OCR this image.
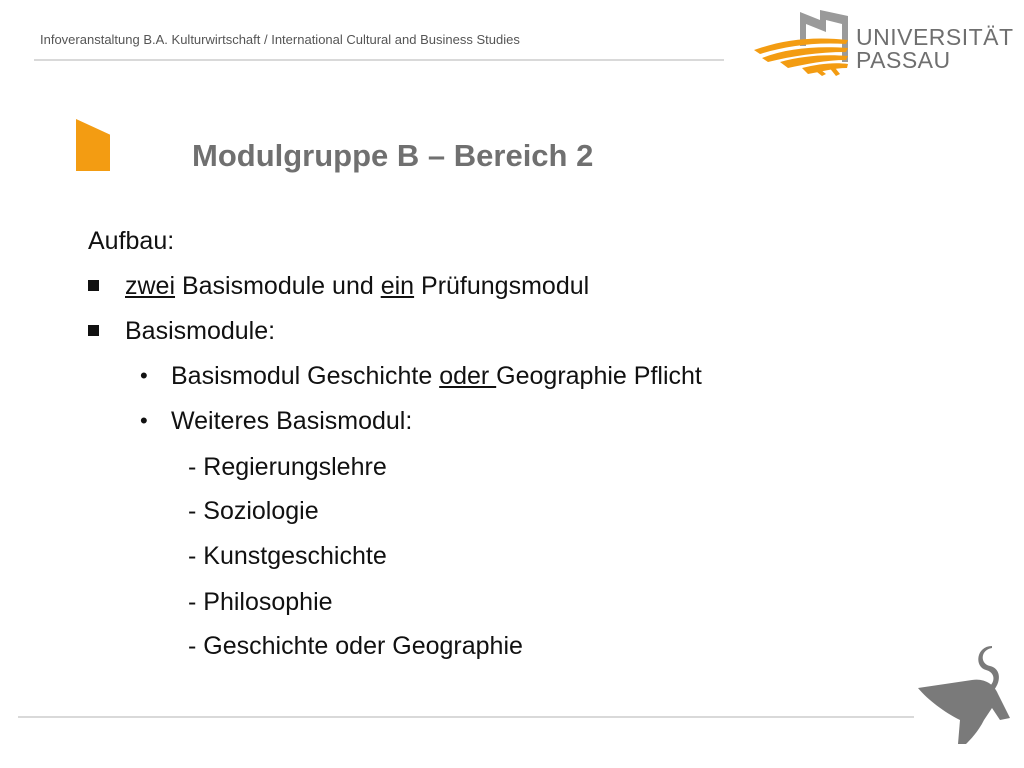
Infoveranstaltung B.A. Kulturwirtschaft / International Cultural and Business Studies	UNIVERSITÄT
PASSAU
Modulgruppe B – Bereich 2
Aufbau:
zwei Basismodule und ein Prüfungsmodul
Basismodule:
• Basismodul Geschichte oder Geographie Pflicht
• Weiteres Basismodul:
- Regierungslehre
- Soziologie
- Kunstgeschichte
- Philosophie
- Geschichte oder Geographie
